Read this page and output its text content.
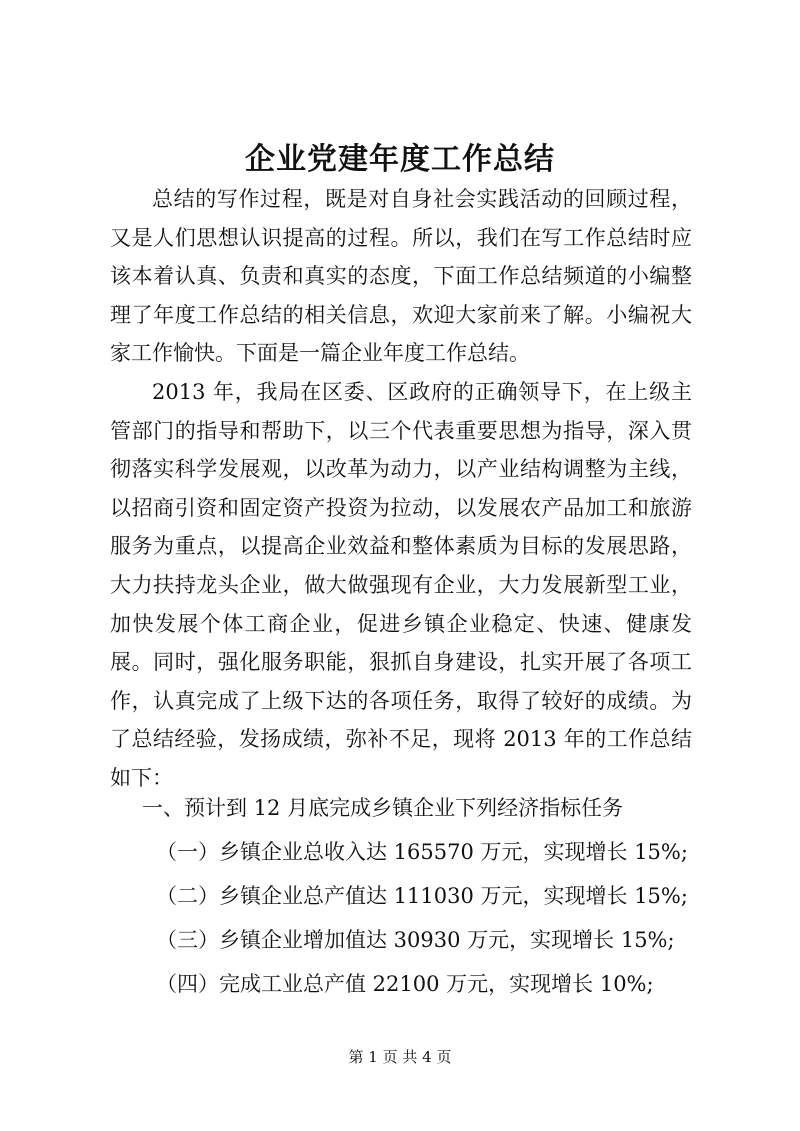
企业党建年度工作总结

总结的写作过程，既是对自身社会实践活动的回顾过程，又是人们思想认识提高的过程。所以，我们在写工作总结时应该本着认真、负责和真实的态度，下面工作总结频道的小编整理了年度工作总结的相关信息，欢迎大家前来了解。小编祝大家工作愉快。下面是一篇企业年度工作总结。

2013 年，我局在区委、区政府的正确领导下，在上级主管部门的指导和帮助下，以三个代表重要思想为指导，深入贯彻落实科学发展观，以改革为动力，以产业结构调整为主线，以招商引资和固定资产投资为拉动，以发展农产品加工和旅游服务为重点，以提高企业效益和整体素质为目标的发展思路，大力扶持龙头企业，做大做强现有企业，大力发展新型工业，加快发展个体工商企业，促进乡镇企业稳定、快速、健康发展。同时，强化服务职能，狠抓自身建设，扎实开展了各项工作，认真完成了上级下达的各项任务，取得了较好的成绩。为了总结经验，发扬成绩，弥补不足，现将 2013 年的工作总结如下：

一、预计到 12 月底完成乡镇企业下列经济指标任务

（一）乡镇企业总收入达 165570 万元，实现增长 15%;

（二）乡镇企业总产值达 111030 万元，实现增长 15%;

（三）乡镇企业增加值达 30930 万元，实现增长 15%;

（四）完成工业总产值 22100 万元，实现增长 10%;

第 1 页 共 4 页
